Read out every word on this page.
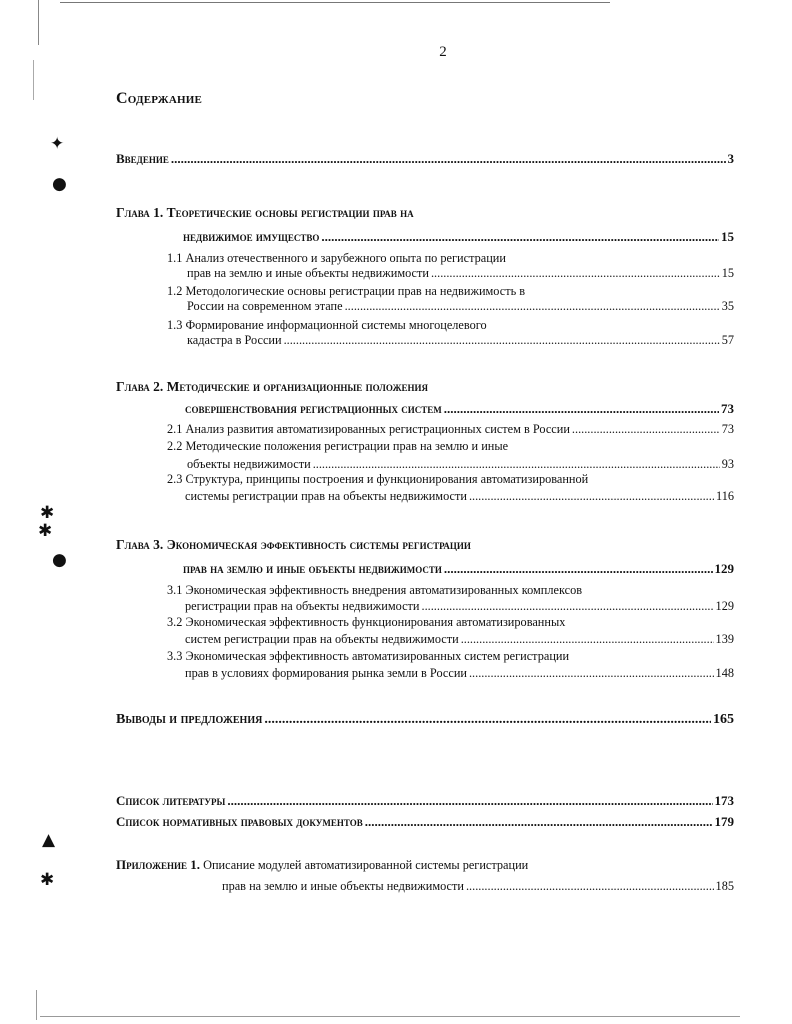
✦
●
✱
✱
●
▲
✱
2
Содержание
Введение .....	3
Глава 1. Теоретические основы регистрации прав на
недвижимое имущество .....	15
1.1 Анализ отечественного и зарубежного опыта по регистрации
прав на землю и иные объекты недвижимости .....	15
1.2 Методологические основы регистрации прав на недвижимость в
России на современном этапе .....	35
1.3 Формирование информационной системы многоцелевого
кадастра в России .....	57
Глава 2. Методические и организационные положения
совершенствования регистрационных систем .....	73
2.1 Анализ развития автоматизированных регистрационных систем в России .....	73
2.2 Методические положения регистрации прав на землю и иные
объекты недвижимости .....	93
2.3 Структура, принципы построения и функционирования автоматизированной
системы регистрации прав на объекты недвижимости .....	116
Глава 3. Экономическая эффективность системы регистрации
прав на землю и иные объекты недвижимости .....	129
3.1 Экономическая эффективность внедрения автоматизированных комплексов
регистрации прав на объекты недвижимости .....	129
3.2 Экономическая эффективность функционирования автоматизированных
систем регистрации прав на объекты недвижимости .....	139
3.3 Экономическая эффективность автоматизированных систем регистрации
прав в условиях формирования рынка земли в России .....	148
Выводы и предложения .....	165
Список литературы .....	173
Список нормативных правовых документов .....	179
Приложение 1. Описание модулей автоматизированной системы регистрации
прав на землю и иные объекты недвижимости .....	185
